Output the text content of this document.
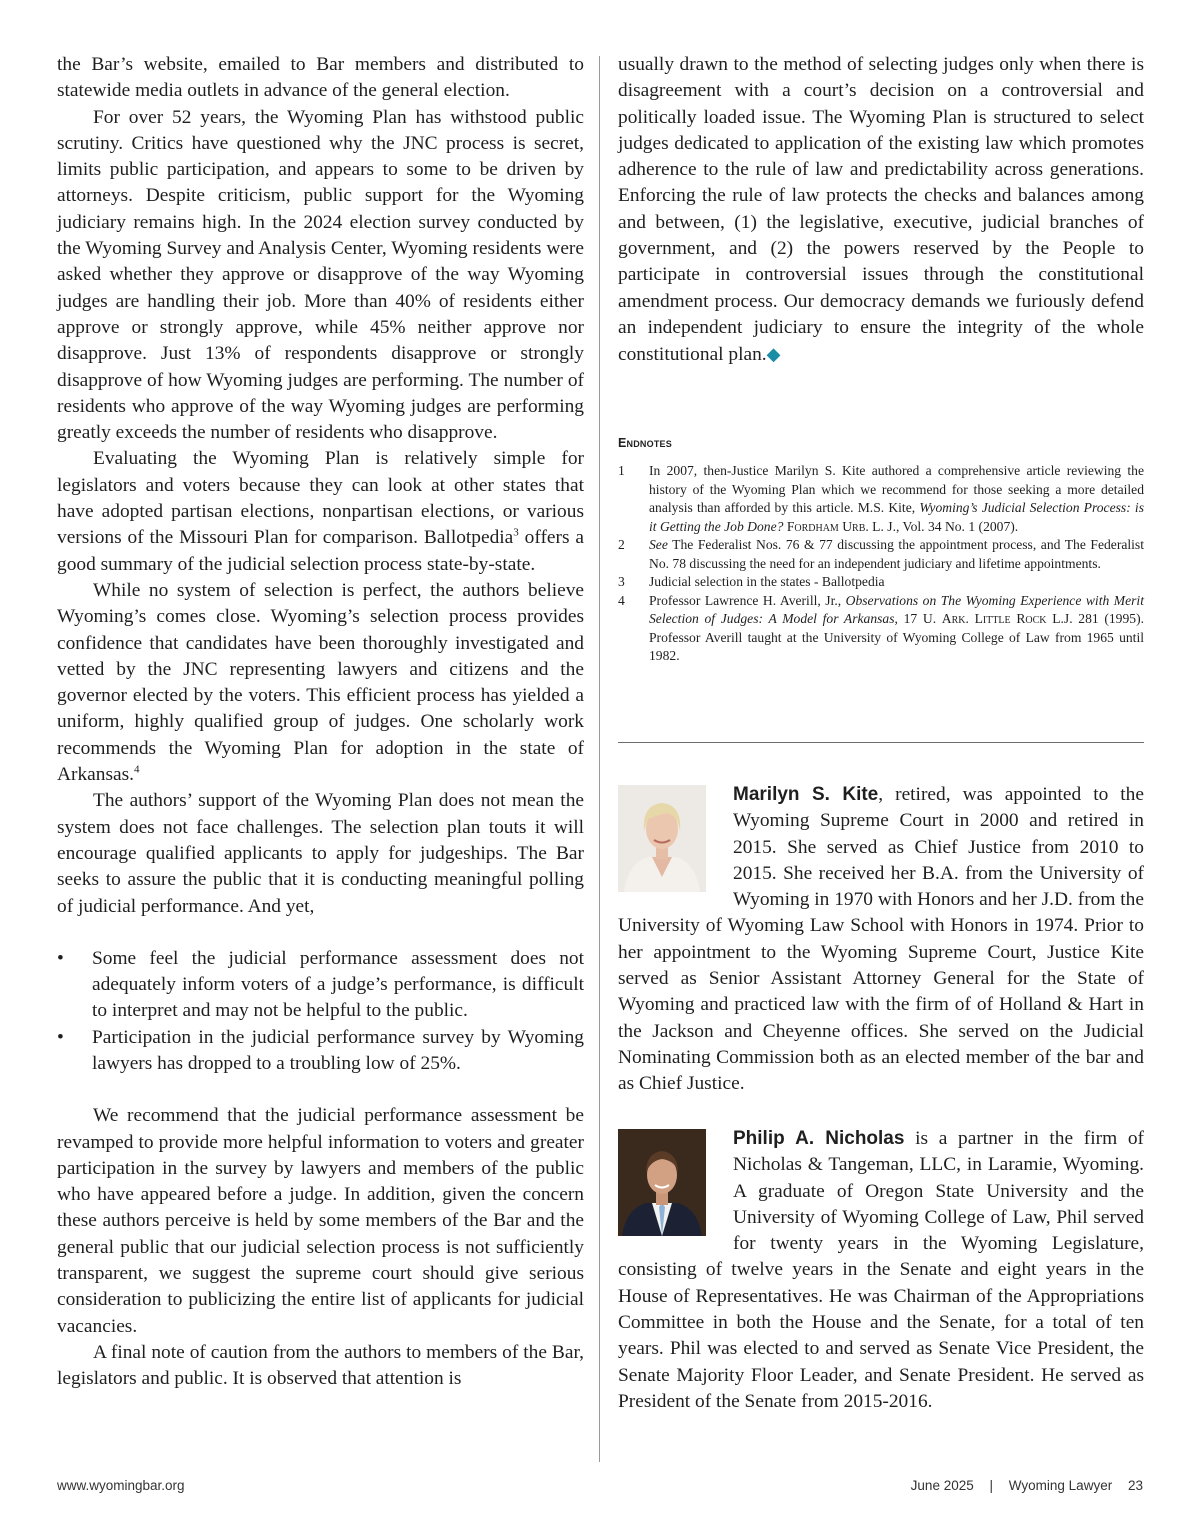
the Bar’s website, emailed to Bar members and distributed to statewide media outlets in advance of the general election.

For over 52 years, the Wyoming Plan has withstood public scrutiny. Critics have questioned why the JNC process is secret, limits public participation, and appears to some to be driven by attorneys. Despite criticism, public support for the Wyoming judiciary remains high. In the 2024 election survey conducted by the Wyoming Survey and Analysis Center, Wyoming residents were asked whether they approve or disapprove of the way Wyoming judges are handling their job. More than 40% of residents either approve or strongly approve, while 45% neither approve nor disapprove. Just 13% of respondents disapprove or strongly disapprove of how Wyoming judges are performing. The number of residents who approve of the way Wyoming judges are performing greatly exceeds the number of residents who disapprove.

Evaluating the Wyoming Plan is relatively simple for legislators and voters because they can look at other states that have adopted partisan elections, nonpartisan elections, or various versions of the Missouri Plan for comparison. Ballotpedia$^3$ offers a good summary of the judicial selection process state-by-state.

While no system of selection is perfect, the authors believe Wyoming’s comes close. Wyoming’s selection process provides confidence that candidates have been thoroughly investigated and vetted by the JNC representing lawyers and citizens and the governor elected by the voters. This efficient process has yielded a uniform, highly qualified group of judges. One scholarly work recommends the Wyoming Plan for adoption in the state of Arkansas.$^4$

The authors’ support of the Wyoming Plan does not mean the system does not face challenges. The selection plan touts it will encourage qualified applicants to apply for judgeships. The Bar seeks to assure the public that it is conducting meaningful polling of judicial performance. And yet,

• Some feel the judicial performance assessment does not adequately inform voters of a judge’s performance, is difficult to interpret and may not be helpful to the public.
• Participation in the judicial performance survey by Wyoming lawyers has dropped to a troubling low of 25%.

We recommend that the judicial performance assessment be revamped to provide more helpful information to voters and greater participation in the survey by lawyers and members of the public who have appeared before a judge. In addition, given the concern these authors perceive is held by some members of the Bar and the general public that our judicial selection process is not sufficiently transparent, we suggest the supreme court should give serious consideration to publicizing the entire list of applicants for judicial vacancies.

A final note of caution from the authors to members of the Bar, legislators and public. It is observed that attention is

usually drawn to the method of selecting judges only when there is disagreement with a court’s decision on a controversial and politically loaded issue. The Wyoming Plan is structured to select judges dedicated to application of the existing law which promotes adherence to the rule of law and predictability across generations. Enforcing the rule of law protects the checks and balances among and between, (1) the legislative, executive, judicial branches of government, and (2) the powers reserved by the People to participate in controversial issues through the constitutional amendment process. Our democracy demands we furiously defend an independent judiciary to ensure the integrity of the whole constitutional plan.◆

Endnotes
1	In 2007, then-Justice Marilyn S. Kite authored a comprehensive article reviewing the history of the Wyoming Plan which we recommend for those seeking a more detailed analysis than afforded by this article. M.S. Kite, Wyoming’s Judicial Selection Process: is it Getting the Job Done? Fordham Urb. L. J., Vol. 34 No. 1 (2007).
2	See The Federalist Nos. 76 & 77 discussing the appointment process, and The Federalist No. 78 discussing the need for an independent judiciary and lifetime appointments.
3	Judicial selection in the states - Ballotpedia
4	Professor Lawrence H. Averill, Jr., Observations on The Wyoming Experience with Merit Selection of Judges: A Model for Arkansas, 17 U. Ark. Little Rock L.J. 281 (1995). Professor Averill taught at the University of Wyoming College of Law from 1965 until 1982.
Marilyn S. Kite, retired, was appointed to the Wyoming Supreme Court in 2000 and retired in 2015. She served as Chief Justice from 2010 to 2015. She received her B.A. from the University of Wyoming in 1970 with Honors and her J.D. from the University of Wyoming Law School with Honors in 1974. Prior to her appointment to the Wyoming Supreme Court, Justice Kite served as Senior Assistant Attorney General for the State of Wyoming and practiced law with the firm of of Holland & Hart in the Jackson and Cheyenne offices. She served on the Judicial Nominating Commission both as an elected member of the bar and as Chief Justice.
Philip A. Nicholas is a partner in the firm of Nicholas & Tangeman, LLC, in Laramie, Wyoming. A graduate of Oregon State University and the University of Wyoming College of Law, Phil served for twenty years in the Wyoming Legislature, consisting of twelve years in the Senate and eight years in the House of Representatives. He was Chairman of the Appropriations Committee in both the House and the Senate, for a total of ten years. Phil was elected to and served as Senate Vice President, the Senate Majority Floor Leader, and Senate President. He served as President of the Senate from 2015-2016.
www.wyomingbar.org	June 2025 | Wyoming Lawyer 23
